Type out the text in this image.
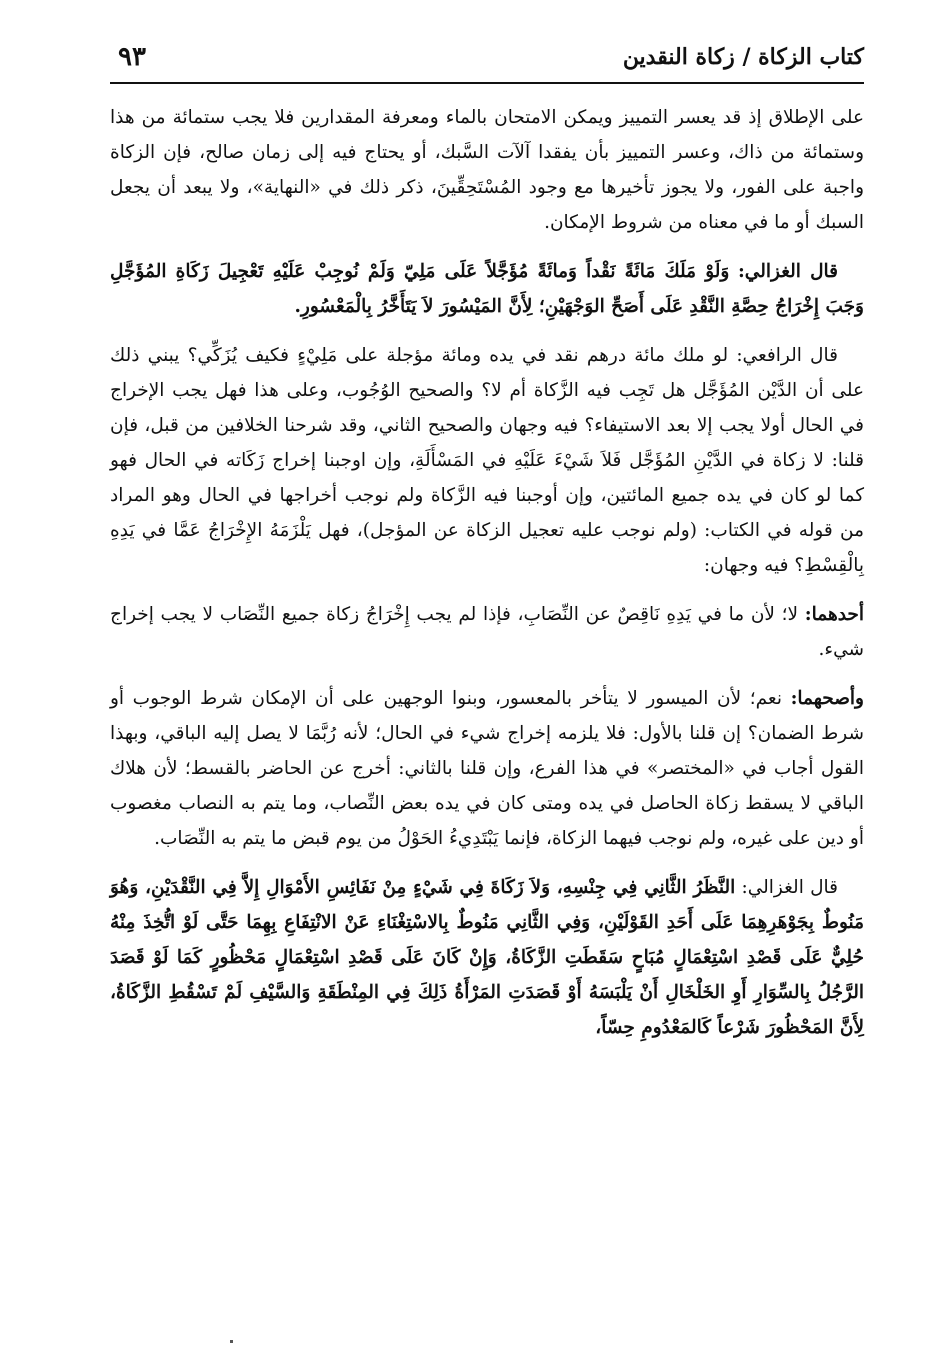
كتاب الزكاة / زكاة النقدين
٩٣

على الإطلاق إذ قد يعسر التمييز ويمكن الامتحان بالماء ومعرفة المقدارين فلا يجب ستمائة من هذا وستمائة من ذاك، وعسر التمييز بأن يفقدا آلآت السَّبك، أو يحتاج فيه إلى زمان صالح، فإن الزكاة واجبة على الفور، ولا يجوز تأخيرها مع وجود المُسْتَحِقِّينَ، ذكر ذلك في «النهاية»، ولا يبعد أن يجعل السبك أو ما في معناه من شروط الإمكان.

قال الغزالي: وَلَوْ مَلَكَ مَائَةً نَقْداً وَمائَةً مُؤَجَّلاً عَلَى مَلِيّ وَلَمْ نُوجِبْ عَلَيْهِ تَعْجِيلَ زَكَاةِ المُؤَجَّلِ وَجَبَ إِخْرَاجُ حِصَّةِ النَّقْدِ عَلَى أَصَحِّ الوَجْهَيْنِ؛ لِأَنَّ المَيْسُورَ لاَ يَتَأَخَّرُ بِالْمَعْسُورِ.

قال الرافعي: لو ملك مائة درهم نقد في يده ومائة مؤجلة على مَلِيْءٍ فكيف يُزَكِّي؟ يبني ذلك على أن الدَّيْن المُؤَجَّل هل تَجِب فيه الزَّكاة أم لا؟ والصحيح الوُجُوب، وعلى هذا فهل يجب الإخراج في الحال أولا يجب إلا بعد الاستيفاء؟ فيه وجهان والصحيح الثاني، وقد شرحنا الخلافين من قبل، فإن قلنا: لا زكاة في الدَّيْنِ المُؤَجَّل فَلاَ شَيْءَ عَلَيْهِ في المَسْأَلَةِ، وإن اوجبنا إخراج زَكَاته في الحال فهو كما لو كان في يده جميع المائتين، وإن أوجبنا فيه الزَّكاة ولم نوجب أخراجها في الحال وهو المراد من قوله في الكتاب: (ولم نوجب عليه تعجيل الزكاة عن المؤجل)، فهل يَلْزَمَهُ الإِخْرَاجُ عَمَّا في يَدِهِ بِالْقِسْطِ؟ فيه وجهان:

أحدهما: لا؛ لأن ما في يَدِهِ نَاقِصٌ عن النِّصَابِ، فإذا لم يجب إِخْرَاجُ زكاة جميع النِّصَاب لا يجب إخراج شيء.

وأصحهما: نعم؛ لأن الميسور لا يتأخر بالمعسور، وبنوا الوجهين على أن الإمكان شرط الوجوب أو شرط الضمان؟ إن قلنا بالأول: فلا يلزمه إخراج شيء في الحال؛ لأنه رُبَّمَا لا يصل إليه الباقي، وبهذا القول أجاب في «المختصر» في هذا الفرع، وإن قلنا بالثاني: أخرج عن الحاضر بالقسط؛ لأن هلاك الباقي لا يسقط زكاة الحاصل في يده ومتى كان في يده بعض النِّصاب، وما يتم به النصاب مغصوب أو دين على غيره، ولم نوجب فيهما الزكاة، فإنما يَبْتَدِيءُ الحَوْلُ من يوم قبض ما يتم به النِّصَاب.

قال الغزالي: النَّظَرُ الثَّانِي فِي جِنْسِهِ، وَلاَ زَكَاةَ فِي شَيْءٍ مِنْ نَفَائِسِ الأَمْوَالِ إِلاَّ فِي النَّقْدَيْنِ، وَهُوَ مَنُوطٌ بِجَوْهَرِهِمَا عَلَى أَحَدِ القَوْلَيْنِ، وَفِي الثَّانِي مَنُوطٌ بِالاسْتِغْنَاءِ عَنْ الانْتِفَاعِ بِهِمَا حَتَّى لَوْ اتُّخِذَ مِنْهُ حُلِيٌّ عَلَى قَصْدِ اسْتِعْمَالٍ مُبَاحٍ سَقَطَتِ الزَّكَاةُ، وَإِنْ كَانَ عَلَى قَصْدِ اسْتِعْمَالٍ مَحْظُورٍ كَمَا لَوْ قَصَدَ الرَّجُلُ بِالسِّوَارِ أَوِ الخَلْخَالِ أَنْ يَلْبَسَهُ أَوْ قَصَدَتِ المَرْأَةُ ذَلِكَ فِي المِنْطَقَةِ وَالسَّيْفِ لَمْ تَسْقُطِ الزَّكَاةُ، لِأَنَّ المَحْظُورَ شَرْعاً كَالمَعْدُومِ حِسّاً،
